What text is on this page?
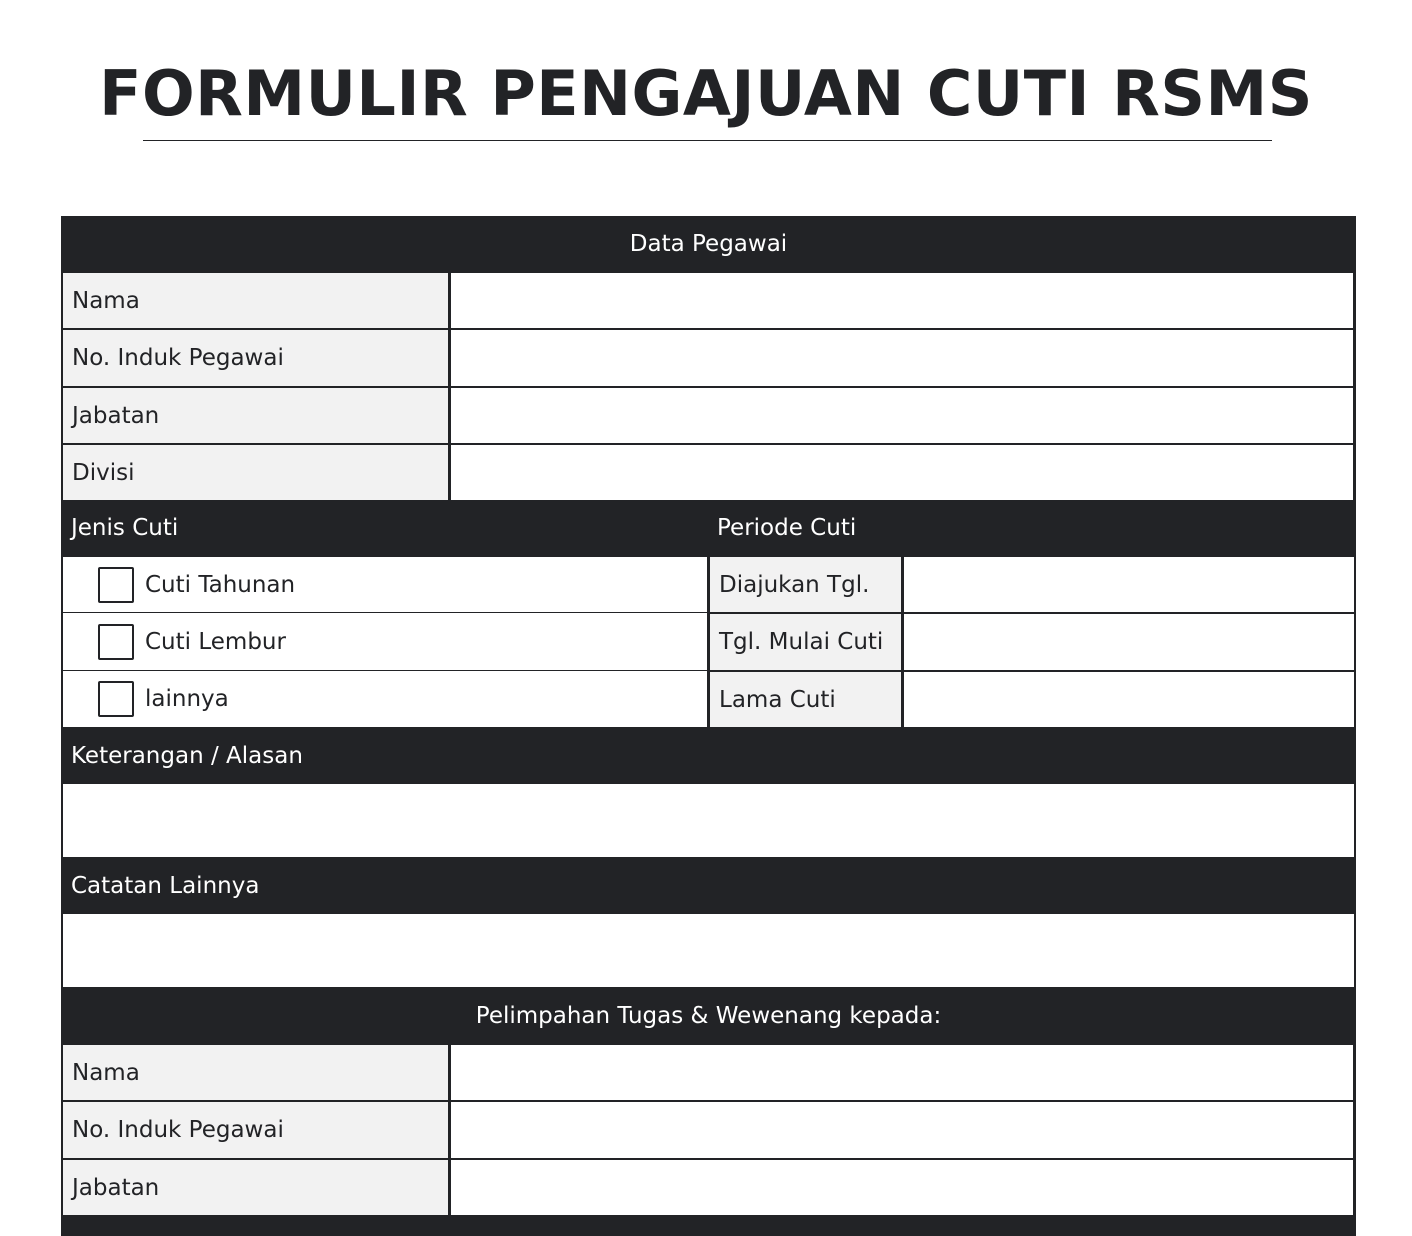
FORMULIR PENGAJUAN CUTI RSMS
Data Pegawai
Nama
No. Induk Pegawai
Jabatan
Divisi
Jenis Cuti	Periode Cuti
Cuti Tahunan
Cuti Lembur
lainnya
Diajukan Tgl.
Tgl. Mulai Cuti
Lama Cuti
Keterangan / Alasan
Catatan Lainnya
Pelimpahan Tugas & Wewenang kepada:
Nama
No. Induk Pegawai
Jabatan
